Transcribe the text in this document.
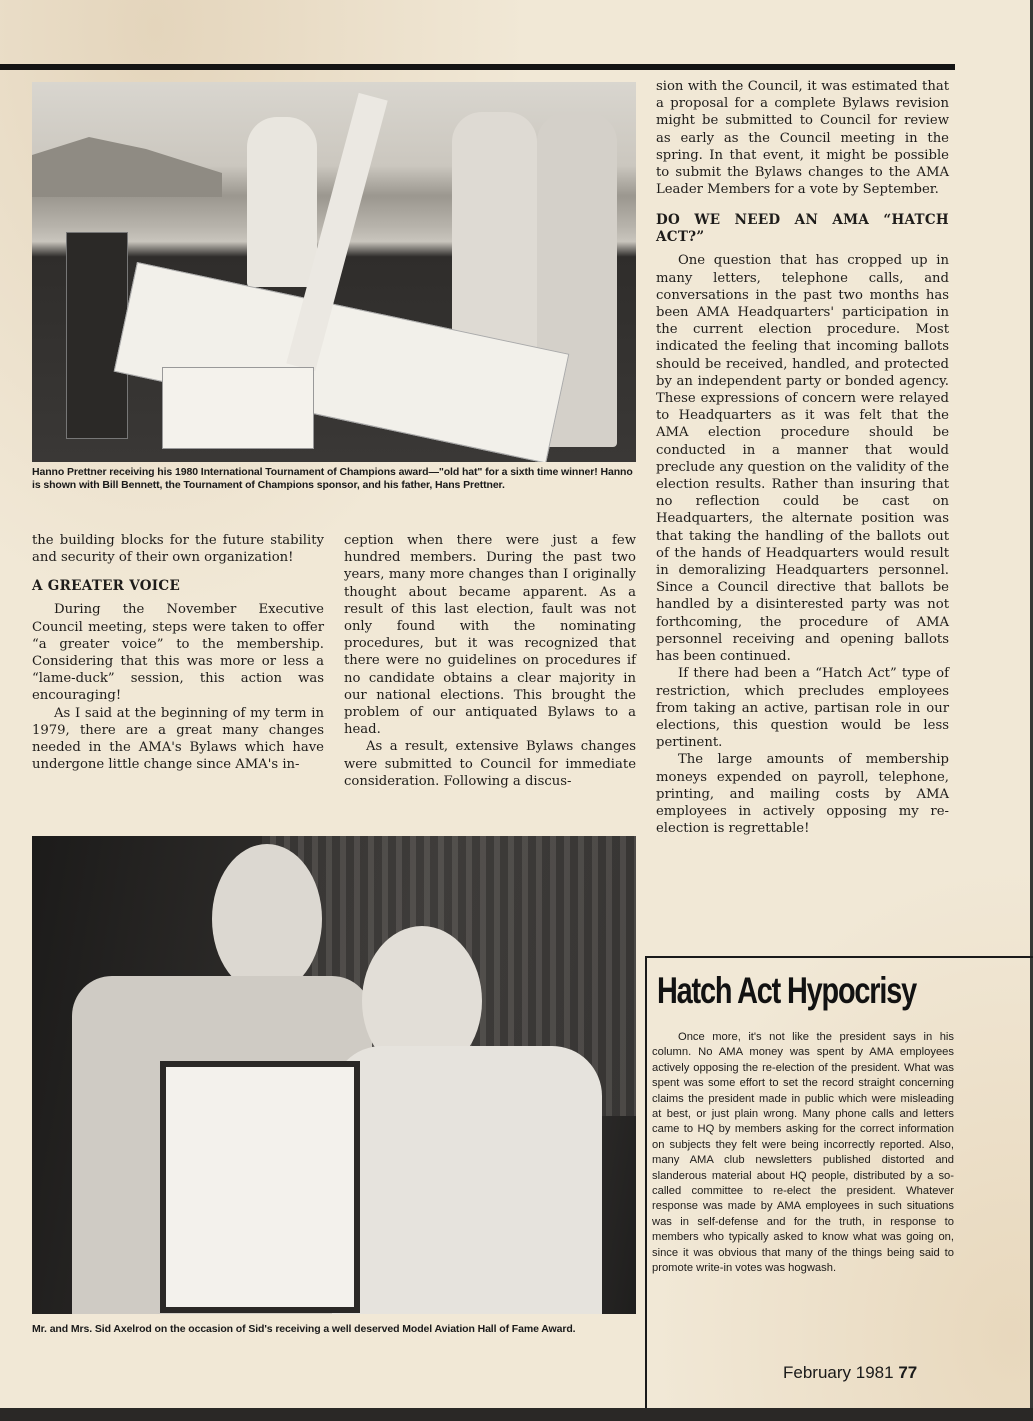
Hanno Prettner receiving his 1980 International Tournament of Champions award—"old hat" for a sixth time winner! Hanno is shown with Bill Bennett, the Tournament of Champions sponsor, and his father, Hans Prettner.

the building blocks for the future stability and security of their own organization!

A GREATER VOICE

During the November Executive Council meeting, steps were taken to offer “a greater voice” to the membership. Considering that this was more or less a “lame-duck” session, this action was encouraging!

As I said at the beginning of my term in 1979, there are a great many changes needed in the AMA's Bylaws which have undergone little change since AMA's in-

ception when there were just a few hundred members. During the past two years, many more changes than I originally thought about became apparent. As a result of this last election, fault was not only found with the nominating procedures, but it was recognized that there were no guidelines on procedures if no candidate obtains a clear majority in our national elections. This brought the problem of our antiquated Bylaws to a head.

As a result, extensive Bylaws changes were submitted to Council for immediate consideration. Following a discus-

sion with the Council, it was estimated that a proposal for a complete Bylaws revision might be submitted to Council for review as early as the Council meeting in the spring. In that event, it might be possible to submit the Bylaws changes to the AMA Leader Members for a vote by September.

DO WE NEED AN AMA “HATCH ACT?”

One question that has cropped up in many letters, telephone calls, and conversations in the past two months has been AMA Headquarters' participation in the current election procedure. Most indicated the feeling that incoming ballots should be received, handled, and protected by an independent party or bonded agency. These expressions of concern were relayed to Headquarters as it was felt that the AMA election procedure should be conducted in a manner that would preclude any question on the validity of the election results. Rather than insuring that no reflection could be cast on Headquarters, the alternate position was that taking the handling of the ballots out of the hands of Headquarters would result in demoralizing Headquarters personnel. Since a Council directive that ballots be handled by a disinterested party was not forthcoming, the procedure of AMA personnel receiving and opening ballots has been continued.

If there had been a “Hatch Act” type of restriction, which precludes employees from taking an active, partisan role in our elections, this question would be less pertinent.

The large amounts of membership moneys expended on payroll, telephone, printing, and mailing costs by AMA employees in actively opposing my re-election is regrettable!

Mr. and Mrs. Sid Axelrod on the occasion of Sid's receiving a well deserved Model Aviation Hall of Fame Award.
Hatch Act Hypocrisy

Once more, it's not like the president says in his column. No AMA money was spent by AMA employees actively opposing the re-election of the president. What was spent was some effort to set the record straight concerning claims the president made in public which were misleading at best, or just plain wrong. Many phone calls and letters came to HQ by members asking for the correct information on subjects they felt were being incorrectly reported. Also, many AMA club newsletters published distorted and slanderous material about HQ people, distributed by a so-called committee to re-elect the president. Whatever response was made by AMA employees in such situations was in self-defense and for the truth, in response to members who typically asked to know what was going on, since it was obvious that many of the things being said to promote write-in votes was hogwash.

February 1981 77
